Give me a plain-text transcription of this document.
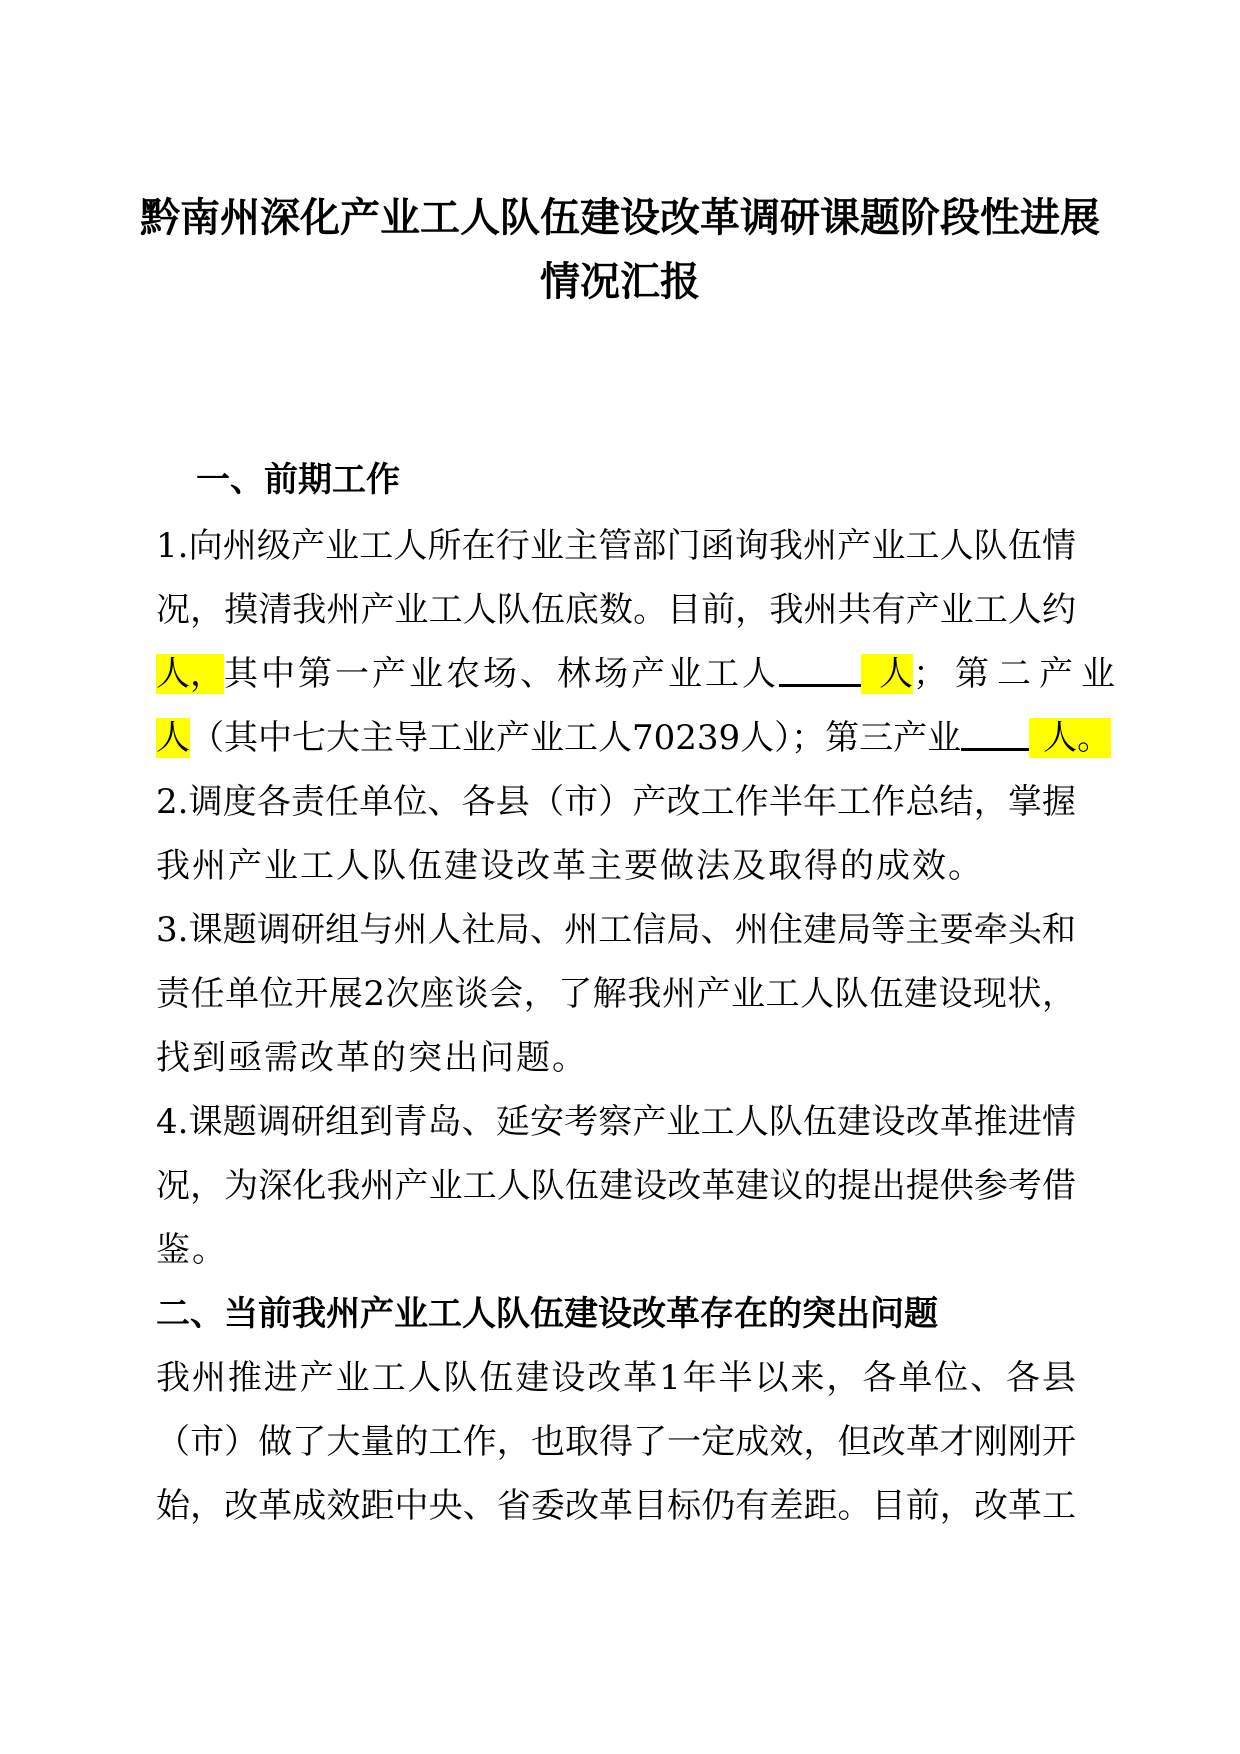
黔南州深化产业工人队伍建设改革调研课题阶段性进展
情况汇报
一、前期工作
1.向州级产业工人所在行业主管部门函询我州产业工人队伍情
况，摸清我州产业工人队伍底数。目前，我州共有产业工人约
人，其中第一产业农场、林场产业工人	人；第二产业
人（其中七大主导工业产业工人70239人）；第三产业 人。
2.调度各责任单位、各县（市）产改工作半年工作总结，掌握
我州产业工人队伍建设改革主要做法及取得的成效。
3.课题调研组与州人社局、州工信局、州住建局等主要牵头和
责任单位开展2次座谈会，了解我州产业工人队伍建设现状，
找到亟需改革的突出问题。
4.课题调研组到青岛、延安考察产业工人队伍建设改革推进情
况，为深化我州产业工人队伍建设改革建议的提出提供参考借
鉴。
二、当前我州产业工人队伍建设改革存在的突出问题
我州推进产业工人队伍建设改革1年半以来，各单位、各县
（市）做了大量的工作，也取得了一定成效，但改革才刚刚开
始，改革成效距中央、省委改革目标仍有差距。目前，改革工
